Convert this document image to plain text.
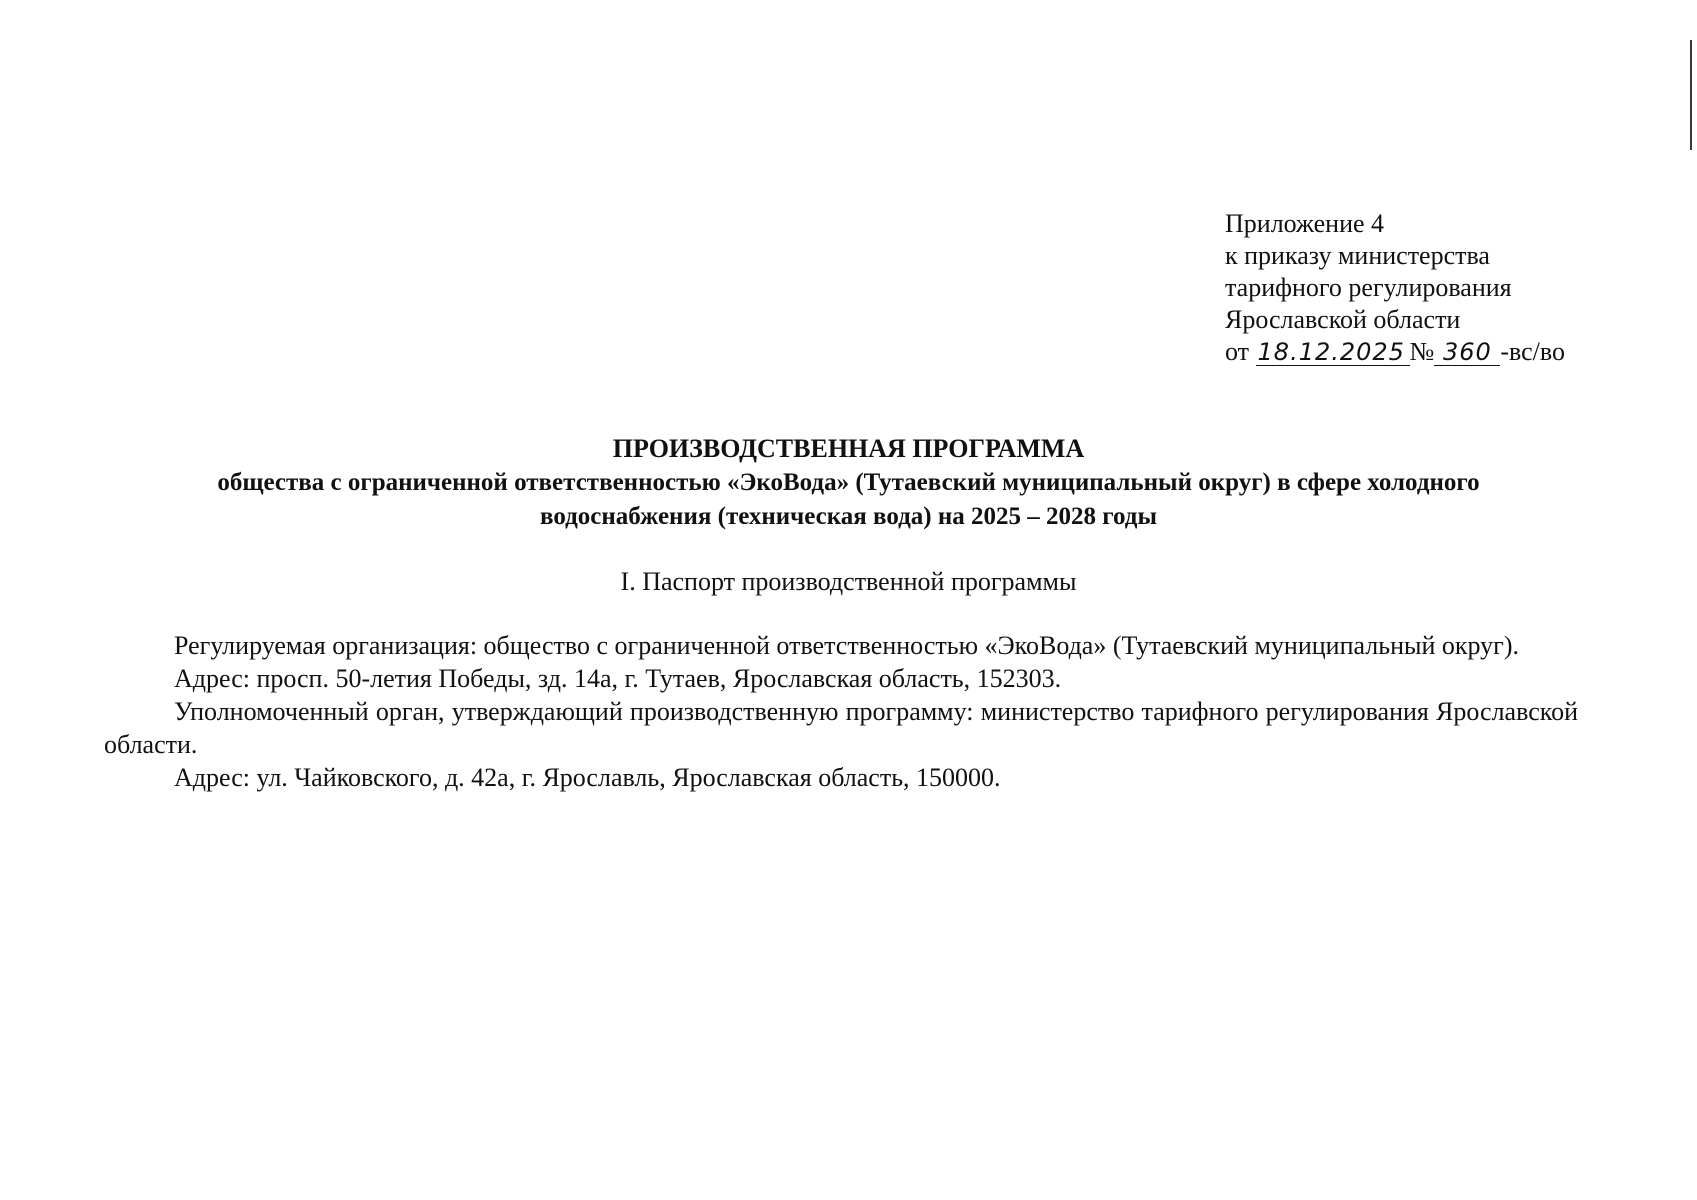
Приложение 4
к приказу министерства
тарифного регулирования
Ярославской области
от 18.12.2025 № 360 -вс/во
ПРОИЗВОДСТВЕННАЯ ПРОГРАММА
общества с ограниченной ответственностью «ЭкоВода» (Тутаевский муниципальный округ) в сфере холодного
водоснабжения (техническая вода) на 2025 – 2028 годы
I. Паспорт производственной программы

Регулируемая организация: общество с ограниченной ответственностью «ЭкоВода» (Тутаевский муниципальный округ).

Адрес: просп. 50-летия Победы, зд. 14а, г. Тутаев, Ярославская область, 152303.

Уполномоченный орган, утверждающий производственную программу: министерство тарифного регулирования Ярославской области.

Адрес: ул. Чайковского, д. 42а, г. Ярославль, Ярославская область, 150000.
